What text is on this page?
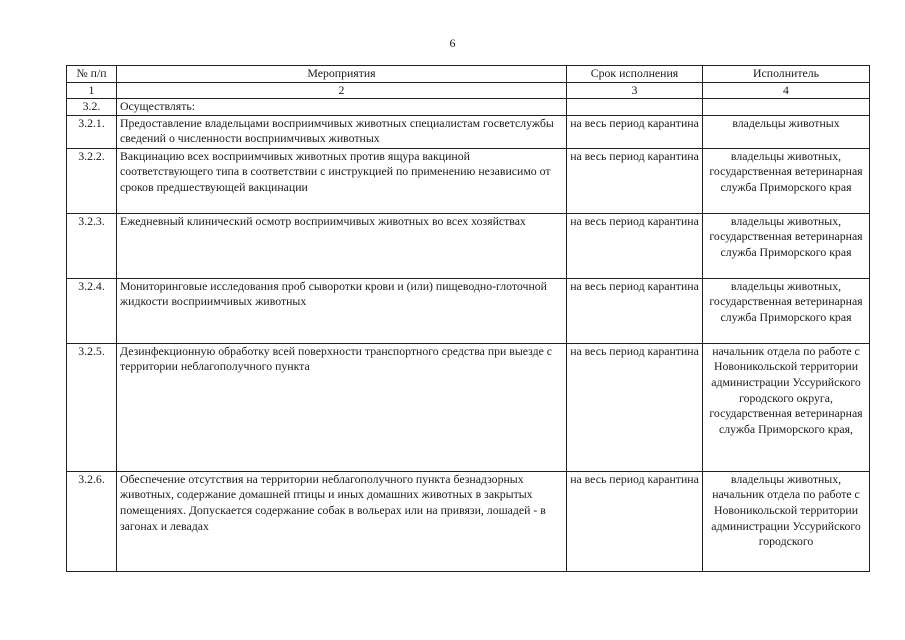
6
№ п/п	Мероприятия	Срок исполнения	Исполнитель
1	2	3	4
3.2.	Осуществлять:		
3.2.1.	Предоставление владельцами восприимчивых животных специалистам госветслужбы сведений о численности восприимчивых животных	на весь период карантина	владельцы животных
3.2.2.	Вакцинацию всех восприимчивых животных против ящура вакциной соответствующего типа в соответствии с инструкцией по применению независимо от сроков предшествующей вакцинации	на весь период карантина	владельцы животных, государственная ветеринарная служба Приморского края
3.2.3.	Ежедневный клинический осмотр восприимчивых животных во всех хозяйствах	на весь период карантина	владельцы животных, государственная ветеринарная служба Приморского края
3.2.4.	Мониторинговые исследования проб сыворотки крови и (или) пищеводно-глоточной жидкости восприимчивых животных	на весь период карантина	владельцы животных, государственная ветеринарная служба Приморского края
3.2.5.	Дезинфекционную обработку всей поверхности транспортного средства при выезде с территории неблагополучного пункта	на весь период карантина	начальник отдела по работе с Новоникольской территории администрации Уссурийского городского округа, государственная ветеринарная служба Приморского края,
3.2.6.	Обеспечение отсутствия на территории неблагополучного пункта безнадзорных животных, содержание домашней птицы и иных домашних животных в закрытых помещениях. Допускается содержание собак в вольерах или на привязи, лошадей - в загонах и левадах	на весь период карантина	владельцы животных, начальник отдела по работе с Новоникольской территории администрации Уссурийского городского
